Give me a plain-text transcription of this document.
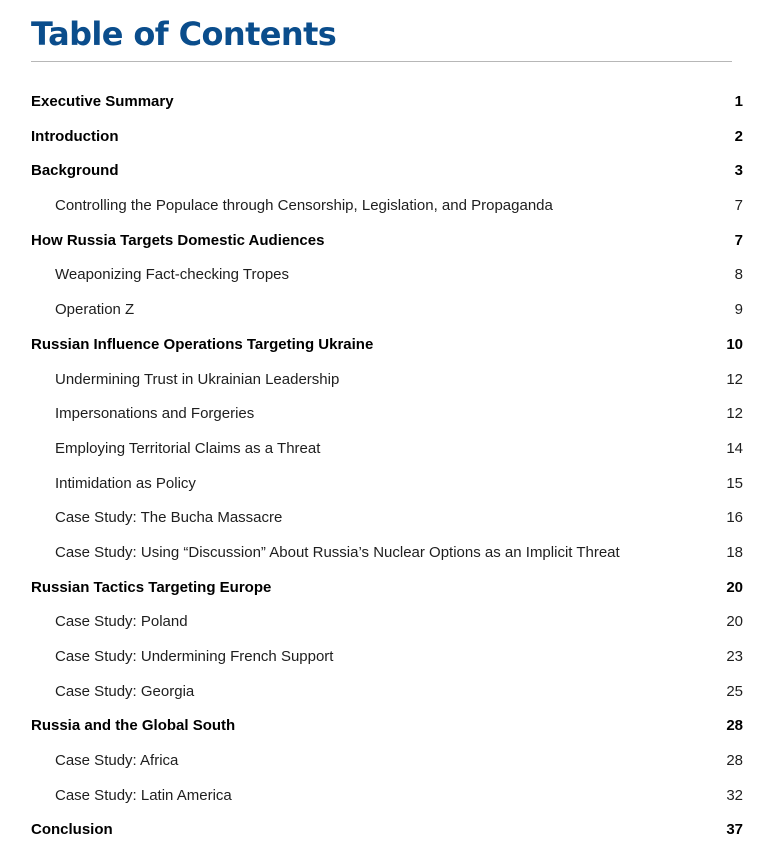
Table of Contents
Executive Summary	1
Introduction	2
Background	3
Controlling the Populace through Censorship, Legislation, and Propaganda	7
How Russia Targets Domestic Audiences	7
Weaponizing Fact-checking Tropes	8
Operation Z	9
Russian Influence Operations Targeting Ukraine	10
Undermining Trust in Ukrainian Leadership	12
Impersonations and Forgeries	12
Employing Territorial Claims as a Threat	14
Intimidation as Policy	15
Case Study: The Bucha Massacre	16
Case Study: Using “Discussion” About Russia’s Nuclear Options as an Implicit Threat	18
Russian Tactics Targeting Europe	20
Case Study: Poland	20
Case Study: Undermining French Support	23
Case Study: Georgia	25
Russia and the Global South	28
Case Study: Africa	28
Case Study: Latin America	32
Conclusion	37
